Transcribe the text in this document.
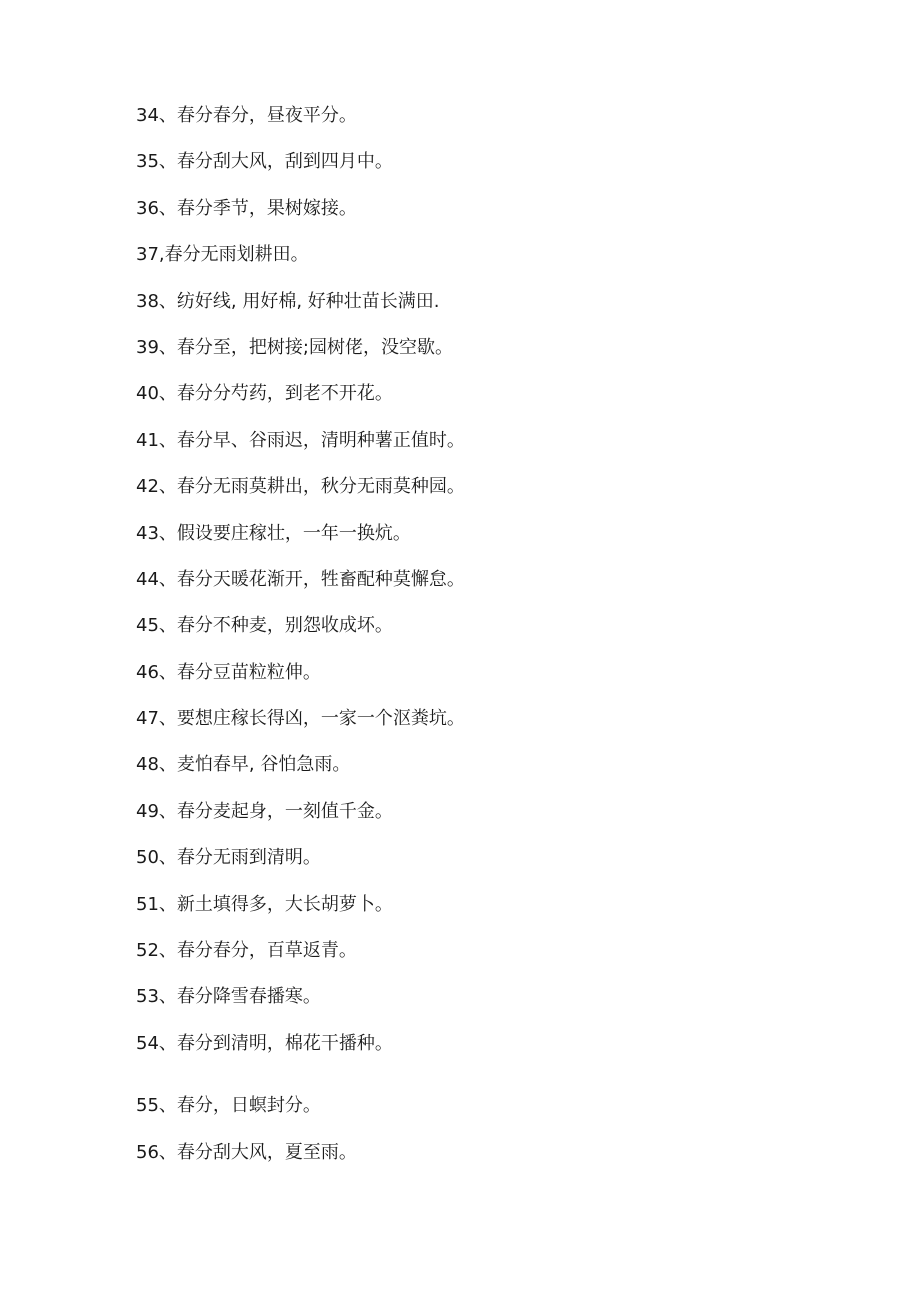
34、春分春分，昼夜平分。
35、春分刮大风，刮到四月中。
36、春分季节，果树嫁接。
37,春分无雨划耕田。
38、纺好线, 用好棉, 好种壮苗长满田.
39、春分至，把树接;园树佬，没空歇。
40、春分分芍药，到老不开花。
41、春分早、谷雨迟，清明种薯正值时。
42、春分无雨莫耕出，秋分无雨莫种园。
43、假设要庄稼壮，一年一换炕。
44、春分天暖花渐开，牲畜配种莫懈怠。
45、春分不种麦，别怨收成坏。
46、春分豆苗粒粒伸。
47、要想庄稼长得凶，一家一个沤粪坑。
48、麦怕春早, 谷怕急雨。
49、春分麦起身，一刻值千金。
50、春分无雨到清明。
51、新土填得多，大长胡萝卜。
52、春分春分，百草返青。
53、春分降雪春播寒。
54、春分到清明，棉花干播种。
55、春分，日螟封分。
56、春分刮大风，夏至雨。
